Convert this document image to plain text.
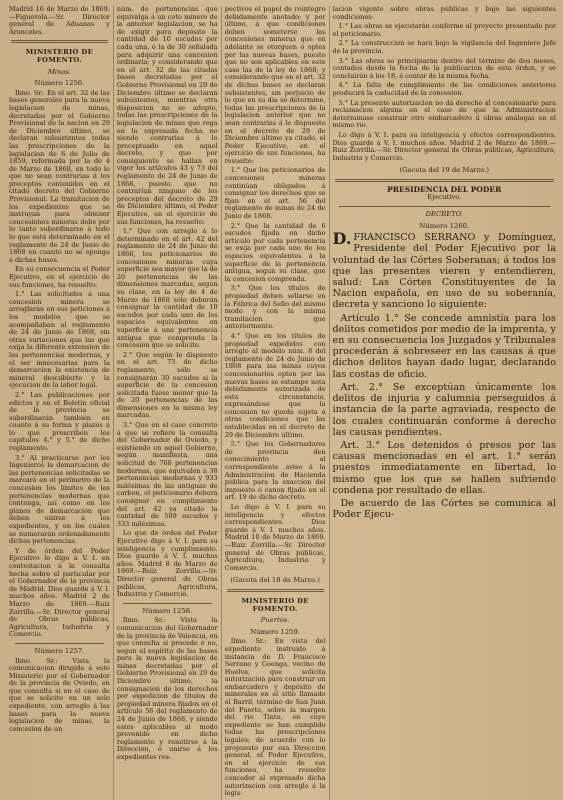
Madrid 16 de Marzo de 1869.—Figuerola.—Sr. Director general de Aduanas y Aranceles.

MINISTERIO DE FOMENTO.
Minas.
Número 1256.

Ilmo. Sr.: En el art. 32 de las bases generales para la nueva legislacion de minas, decretadas por el Gobierno Provisional de la nacion en 29 de Diciembre último, se declaran subsistentes todas las prescripciones de la legislacion de 6 de Julio de 1859, reformada por la de 4 de Marzo de 1868, en todo lo que no sean contrarias á los preceptos contenidos en el citado decreto del Gobierno Provisional. La tramitacion de los expedientes que se instruyan para obtener concesiones mineras debe por lo tanto subordinarse á todo lo que está determinado en el reglamento de 24 de Junio de 1868 en cuanto no se oponga á dichas bases.

En su consecuencia el Poder Ejecutivo, en el ejercicio de sus funciones, ha resuelto:

1.° Las solicitudes á una concesion minera se arreglarán en sus peticiones á los modelos que se acompañaban al reglamento de 24 de Junio de 1868, sin otras variaciones que las que exija la diferente extension de las pertenencias modernas, y el ser innecesarias para la demarcacion la existencia de mineral descubierto y la ejecucion de la labor legal.

2.° Las publicaciones por edictos y en el Boletin oficial de la provincia se subordinarán también en cuanto á su forma y plazos á lo que prescriben los capítulos 4.° y 5.° de dicho reglamento.

3.° Al practicarse por los Ingenieros la demarcacion de las pertenencias solicitadas se marcará en el perímetro de la concesion los límites de las pertenencias modernas que contenga, así como en los planos de demarcacion que deben unirse á los expedientes, y en los cuales se numerarán ordenadamente dichas pertenencias.

Y de órden del Poder Ejecutivo lo digo á V. I. en contestacion á la consulta hecha sobre el particular por el Gobernador de la provincia de Madrid. Dios guarde á V. I. muchos años. Madrid 2 de Marzo de 1869.—Ruiz Zorrilla.—Sr. Director general de Obras públicas, Agricultura, Industria y Comercio.

Número 1257.

Ilmo. Sr.: Vista la comunicacion dirigida á este Ministerio por el Gobernador de la provincia de Oviedo, en que consulta si en el caso de que se solicite en un solo expediente, con arreglo á las bases para la nueva legislacion de minas, la concesion de un

núm. de pertenencias que equivalga á un coto minero de la anterior legislacion, se ha de exigir para depósito la cantidad de 10 escudos por cada una, ó la de 30 señalada para adquirir una concesion ordinaria; y considerando que en el art. 32 de las citadas bases decretadas por el Gobierno Provisional en 29 de Diciembre último se declaran subsistentes, mientras otra disposicion no se adopte, todas las prescripciones de la legislacion de minas que rega en la expresada fecha no siendo contrarias á lo preceptuado en aquel decreto, y que por consiguiente se hallan en vigor los artículos 43 y 73 del reglamento de 24 de Junio de 1868, puesto que no contrarían ninguno de los preceptos del decreto de 29 de Diciembre último, el Poder Ejecutivo, en el ejercicio de sus funciones, ha resuelto:

1.° Que con arreglo á lo determinado en el art. 42 del reglamento de 24 de Junio de 1868, los peticionarios de concesiones mineras cuya superficie sea mayor que la de 20 pertenencias de las dimensiones marcadas, según su clase, en la ley de 4 de Marzo de 1868 sólo deberán consignar la cantidad de 10 escudos por cada uno de los espacios equivalentes en superficie á una pertenencia antigua que comprenda la concesion que se solicite.

2.° Que según lo dispuesto en el art. 73 de dicho reglamento, sólo se consignarán 30 escudos si la superficie de la concesion solicitada fuese menor que la de 20 pertenencias de las dimensiones en la misma ley marcadas.

3.° Que en el caso concreto á que se refiere la consulta del Gobernador de Oviedo, y existiendo en aquel Gobierno, según manifiesta, una solicitud de 768 pertenencias modernas, que equivalen á 38 pertenencias modernas y 933 milésimas de las antiguas de carbon, el peticionario deberá consignar en cumplimiento del art. 42 ya citado la cantidad de 509 escudos y 333 milésimas.

Lo que de órden del Poder Ejecutivo digo á V. I. para su inteligencia y cumplimiento. Dios guarde á V. I. muchos años. Madrid 8 de Marzo de 1869.—Ruiz Zorrilla.—Sr. Director general de Obras públicas, Agricultura, Industria y Comercio.

Número 1258.

Ilmo. Sr.: Vista la comunicacion del Gobernador de la provincia de Valencia, en que consulta si procede ó no, segun el espíritu de las bases para la nueva legislacion de minas decretadas por el Gobierno Provisional en 29 de Diciembre último, la consignacion de los derechos por expedicion de títulos de propiedad minera fijados en el artículo 56 del reglamento de 24 de Junio de 1868, y siendo estos aplicables al modo prevenido en dicho reglamento y remitirse á la Direccion, ó unirse á los expedientes res-

pectivos el papel de reintegro debidamente anotado; y por último, á que condiciones deben someterse las concesiones mineras que en adelante se otorguen ó optes por las nuevas bases, puesto que no son aplicables en este caso las de la ley de 1868; y considerando que en el art. 32 de dichas bases se declaran subsistentes, sin perjuicio de lo que en su dia se determine, todas las prescripciones de la legislacion anterior que no sean contrarias á lo dispuesto en el decreto de 29 de Diciembre último ya citado, el Poder Ejecutivo, en el ejercicio de sus funciones, ha resuelto:

1.° Que los peticionarios de concesiones mineras continúan obligados á consignar los derechos que se fijan en el art. 56 del reglamento de minas de 24 de Junio de 1868.

2.° Que la cantidad de 6 escudos fijada en dicho artículo por cada pertenencia se exija por cada uno de los espacios equivalentes á la superficie de la pertenencia antigua, segun su clase, que la concesion comprenda.

3.° Que los títulos de propiedad deben sellarse en la Fábrica del Sello del mismo modo y con la misma tramitacion que anteriormente.

4.° Que en los títulos de propiedad expedidos con arreglo al modelo núm. 8 del reglamento de 24 de Junio de 1868 para las minas cuyos concesionarios opten por las nuevas bases se estampe nota debidamente autorizada de esta circunstancia, expresándose que la concesion no queda sujeta á otras condiciones que las establecidas en el decreto de 29 de Diciembre último.

5.° Que los Gobernadores de provincia den conocimiento al correspondiente aviso á la Administracion de Hacienda pública para la exaccion del impuesto ó canon fijado en el art. 19 de dicho decreto.

Lo digo á V. I. para su inteligencia y efectos correspondientes. Dios guarde á V. I. muchos años. Madrid 10 de Marzo de 1869.—Ruiz Zorrilla.—Sr. Director general de Obras públicas, Agricultura, Industria y Comercio.

(Gaceta del 18 de Marzo.)
MINISTERIO DE FOMENTO.
Puertos.
Número 1259.

Ilmo. Sr.: En vista del expediente instruido á instancia de D. Francisco Serrano y Goenga, vecino de Huelva, que solicita autorizacion para construir un embarcadero y depósito de minerales en el sitio llamado el Barril, término de San Juan del Puerto, sobre la margen del rio Tinto, en cuyo expediente se han cumplido todas las prescripciones legales; de acuerdo con lo propuesto por esa Direccion general, el Poder Ejecutivo, en el ejercicio de sus funciones, ha resuelto conceder al expresado dicha autorizacion con arreglo á la legis-

lacion vigente sobre obras públicas y bajo las siguientes condiciones:

1.° Las obras se ejecutarán conforme al proyecto presentado por el peticionario.

2.° La construccion se hará bajo la vigilancia del Ingeniero Jefe de la provincia.

3.° Las obras se principiarán dentro del término de dos meses, contados desde la fecha de la publicacion de esta órden, y se concluirán á los 18, á contar de la misma fecha.

4.° La falta de cumplimiento de las condiciones anteriores producirá la caducidad de la concesion.

5.° La presente autorizacion no dá derecho al concesionario para reclamacion alguna en el caso de que la Administracion determinase construir otro embarcadero ú obras análogas en el mismo rio.

Lo digo á V. I. para su inteligencia y efectos correspondientes. Dios guarde á V. I. muchos años. Madrid 2 de Marzo de 1869.—Ruiz Zorrilla.—Sr. Director general de Obras públicas, Agricultura, Industria y Comercio.

(Gaceta del 19 de Marzo.)
PRESIDENCIA DEL PODER
Ejecutivo.
DECRETO.
Número 1260.

D. FRANCISCO SERRANO y Domínguez, Presidente del Poder Ejecutivo por la voluntad de las Córtes Soberanas; á todos los que las presentes vieren y entendieren, salud: Las Córtes Constituyentes de la Nacion española, en uso de su soberanía, decreta y sanciono lo siguiente:

Artículo 1.° Se concede amnistía para los delitos cometidos por medio de la imprenta, y en su consecuencia los Juzgados y Tribunales procederán á sobreseer en las causas á que dichos delitos hayan dado lugar, declarando las costas de oficio.

Art. 2.° Se exceptúan únicamente los delitos de injuria y calumnia perseguidos á instancia de la parte agraviada, respecto de los cuales continuarán conforme á derecho las causas pendientes.

Art. 3.° Los detenidos ó presos por las causas mencionadas en el art. 1.° serán puestos inmediatamente en libertad, lo mismo que los que se hallen sufriendo condena por resultado de ellas.

De acuerdo de las Córtes se comunica al Poder Ejecu-
